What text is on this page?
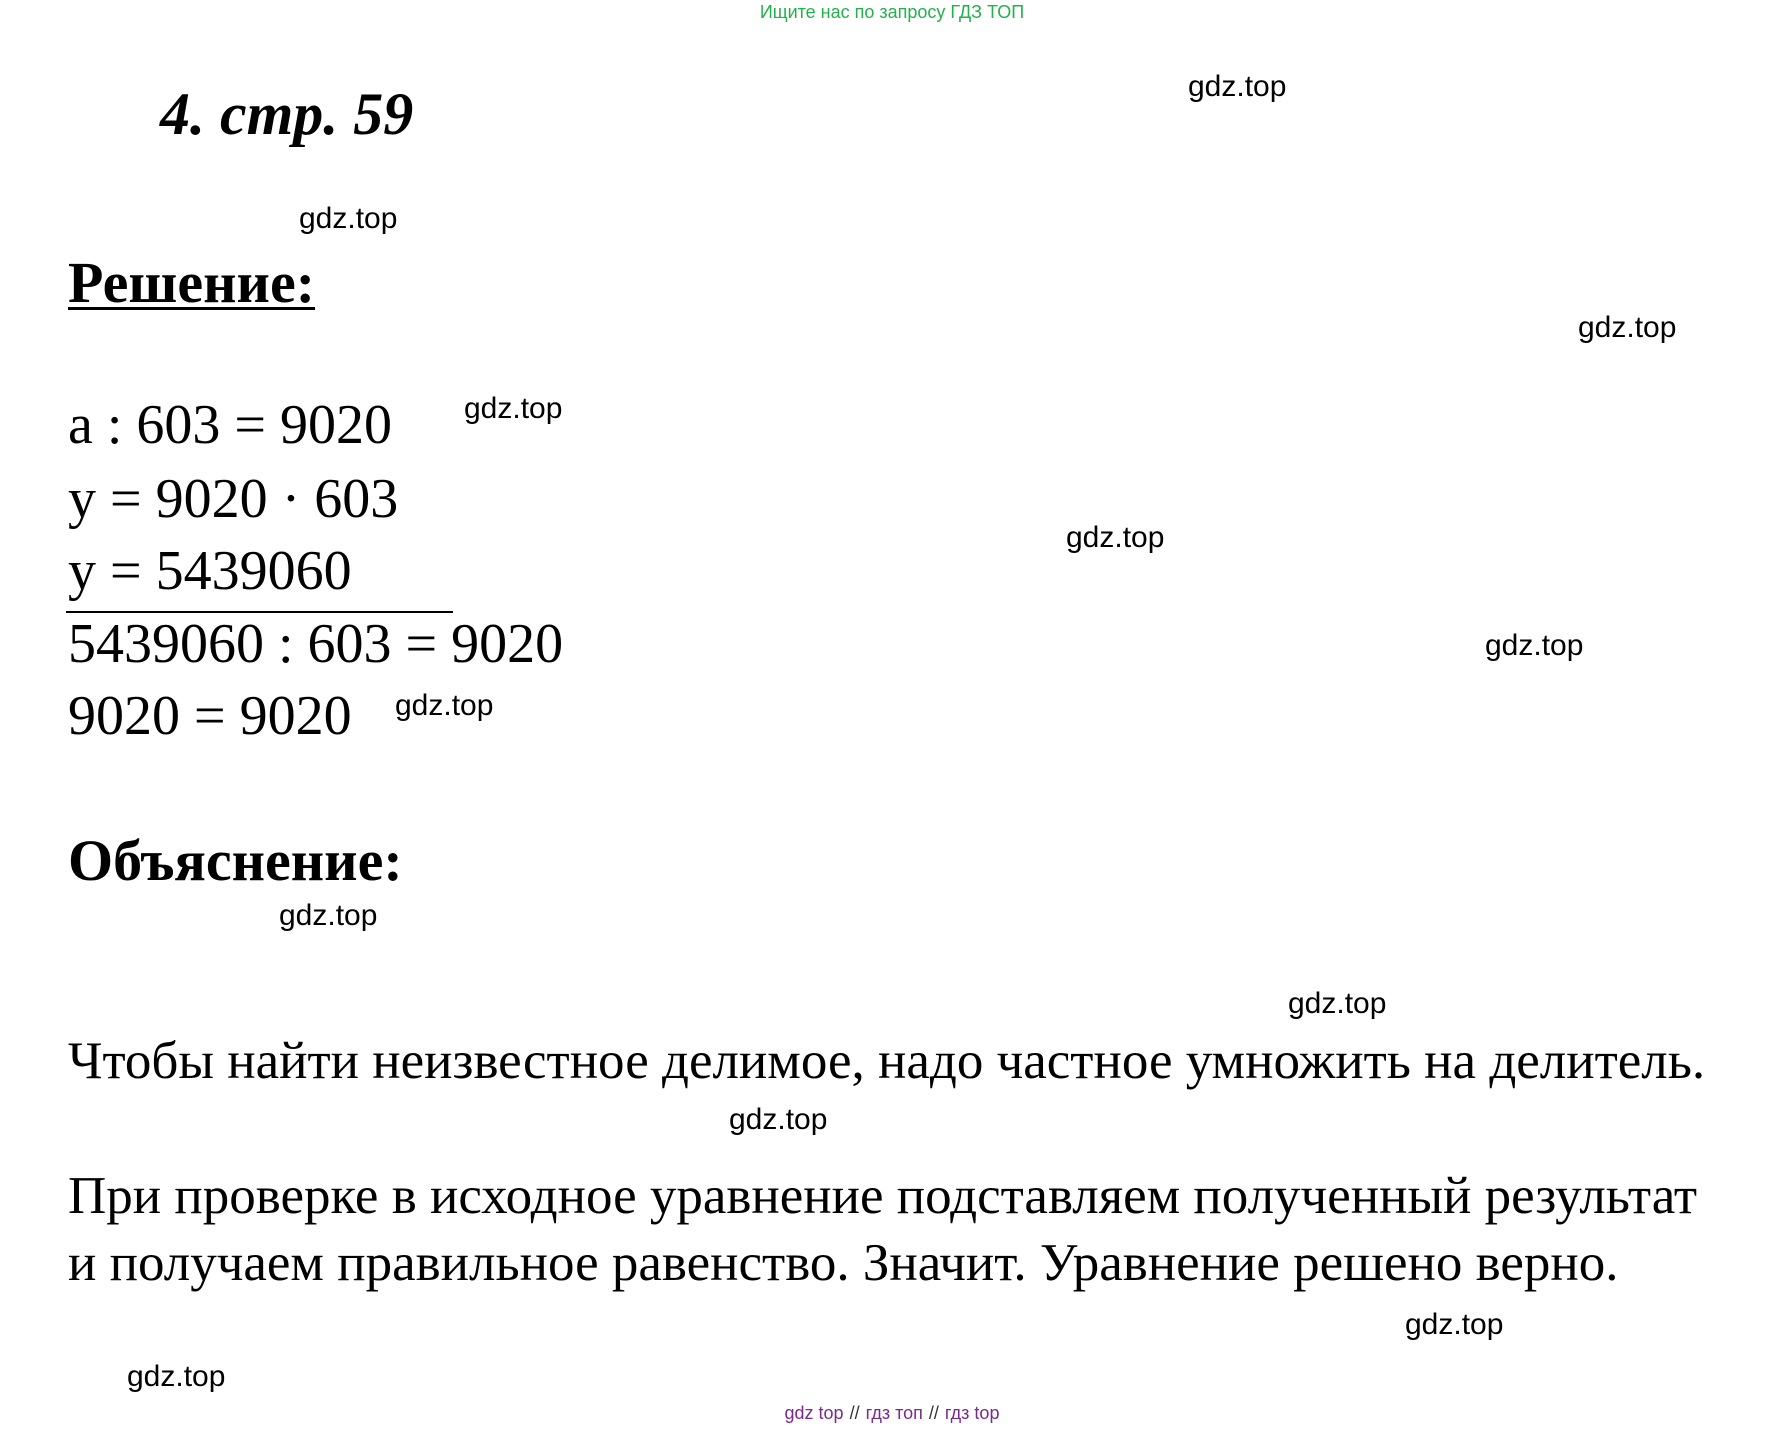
Ищите нас по запросу ГДЗ ТОП
4. стр. 59
Решение:
а : 603 = 9020
у = 9020 · 603
у = 5439060
5439060 : 603 = 9020
9020 = 9020
Объяснение:
Чтобы найти неизвестное делимое, надо частное умножить на делитель.
При проверке в исходное уравнение подставляем полученный результат и получаем правильное равенство. Значит. Уравнение решено верно.
gdz.top
gdz.top
gdz.top
gdz.top
gdz.top
gdz.top
gdz.top
gdz.top
gdz.top
gdz.top
gdz.top
gdz.top
gdz top // гдз топ // гдз top
